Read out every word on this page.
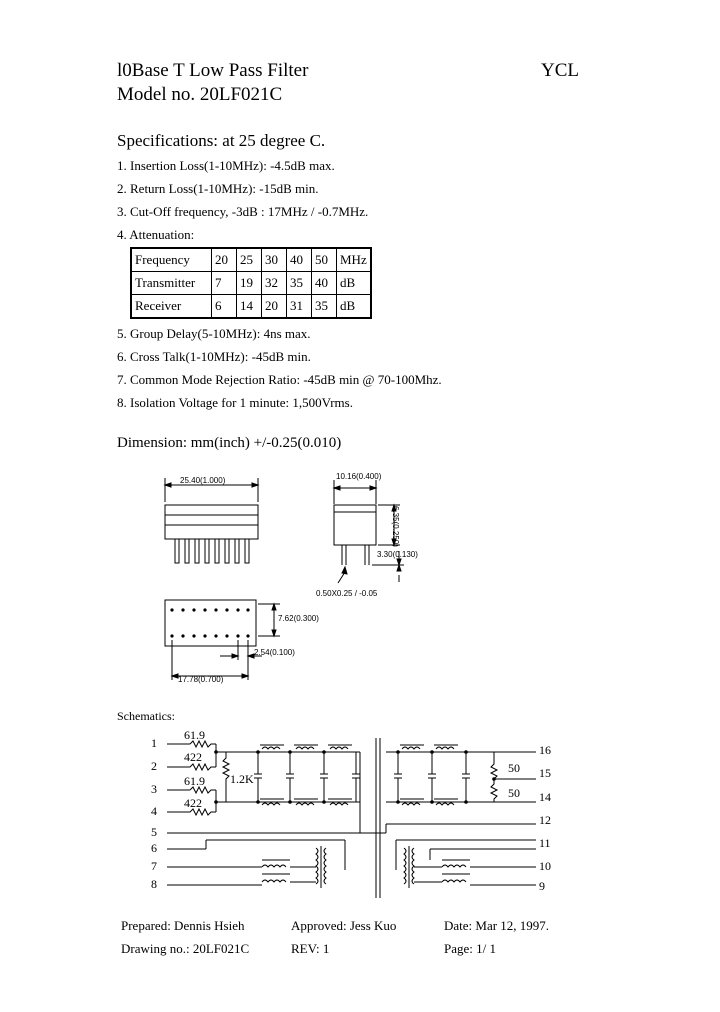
l0Base T Low Pass Filter	YCL
Model no. 20LF021C
Specifications: at 25 degree C.
1. Insertion Loss(1-10MHz): -4.5dB max.
2. Return Loss(1-10MHz): -15dB min.
3. Cut-Off frequency, -3dB : 17MHz / -0.7MHz.
4. Attenuation:
Frequency	20	25	30	40	50	MHz
Transmitter	7	19	32	35	40	dB
Receiver	6	14	20	31	35	dB
5. Group Delay(5-10MHz): 4ns max.
6. Cross Talk(1-10MHz): -45dB min.
7. Common Mode Rejection Ratio: -45dB min @ 70-100Mhz.
8. Isolation Voltage for 1 minute: 1,500Vrms.
Dimension: mm(inch) +/-0.25(0.010)
25.40(1.000)	10.16(0.400)
6.35(0.250)
3.30(0.130)
0.50X0.25 / -0.05
7.62(0.300)
2.54(0.100)
17.78(0.700)
Schematics:
1
2
3
4
5
6
7
8
16
15
14
12
11
10
9
61.9
422
61.9
422
1.2K
50
50
Prepared: Dennis Hsieh	Approved: Jess Kuo	Date: Mar 12, 1997.
Drawing no.: 20LF021C	REV: 1	Page: 1/ 1
